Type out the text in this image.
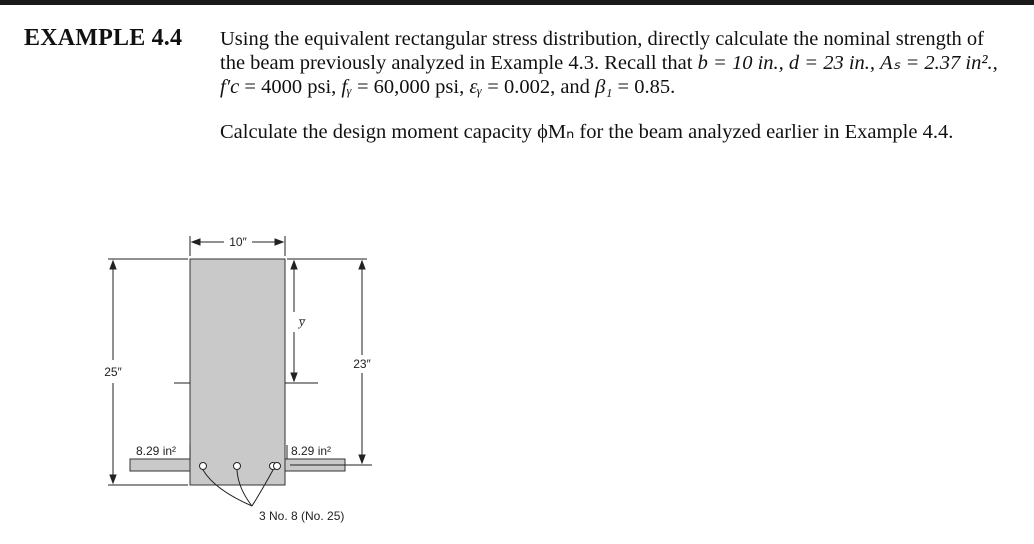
EXAMPLE 4.4 Using the equivalent rectangular stress distribution, directly calculate the nominal strength of
the beam previously analyzed in Example 4.3. Recall that b = 10 in., d = 23 in., Aₛ = 2.37 in².,
f′c = 4000 psi, fᵧ = 60,000 psi, εᵧ = 0.002, and β₁ = 0.85.
Calculate the design moment capacity ϕMₙ for the beam analyzed earlier in Example 4.4.
10″
25″
23″
y̅
8.29 in²	8.29 in²
3 No. 8 (No. 25)
